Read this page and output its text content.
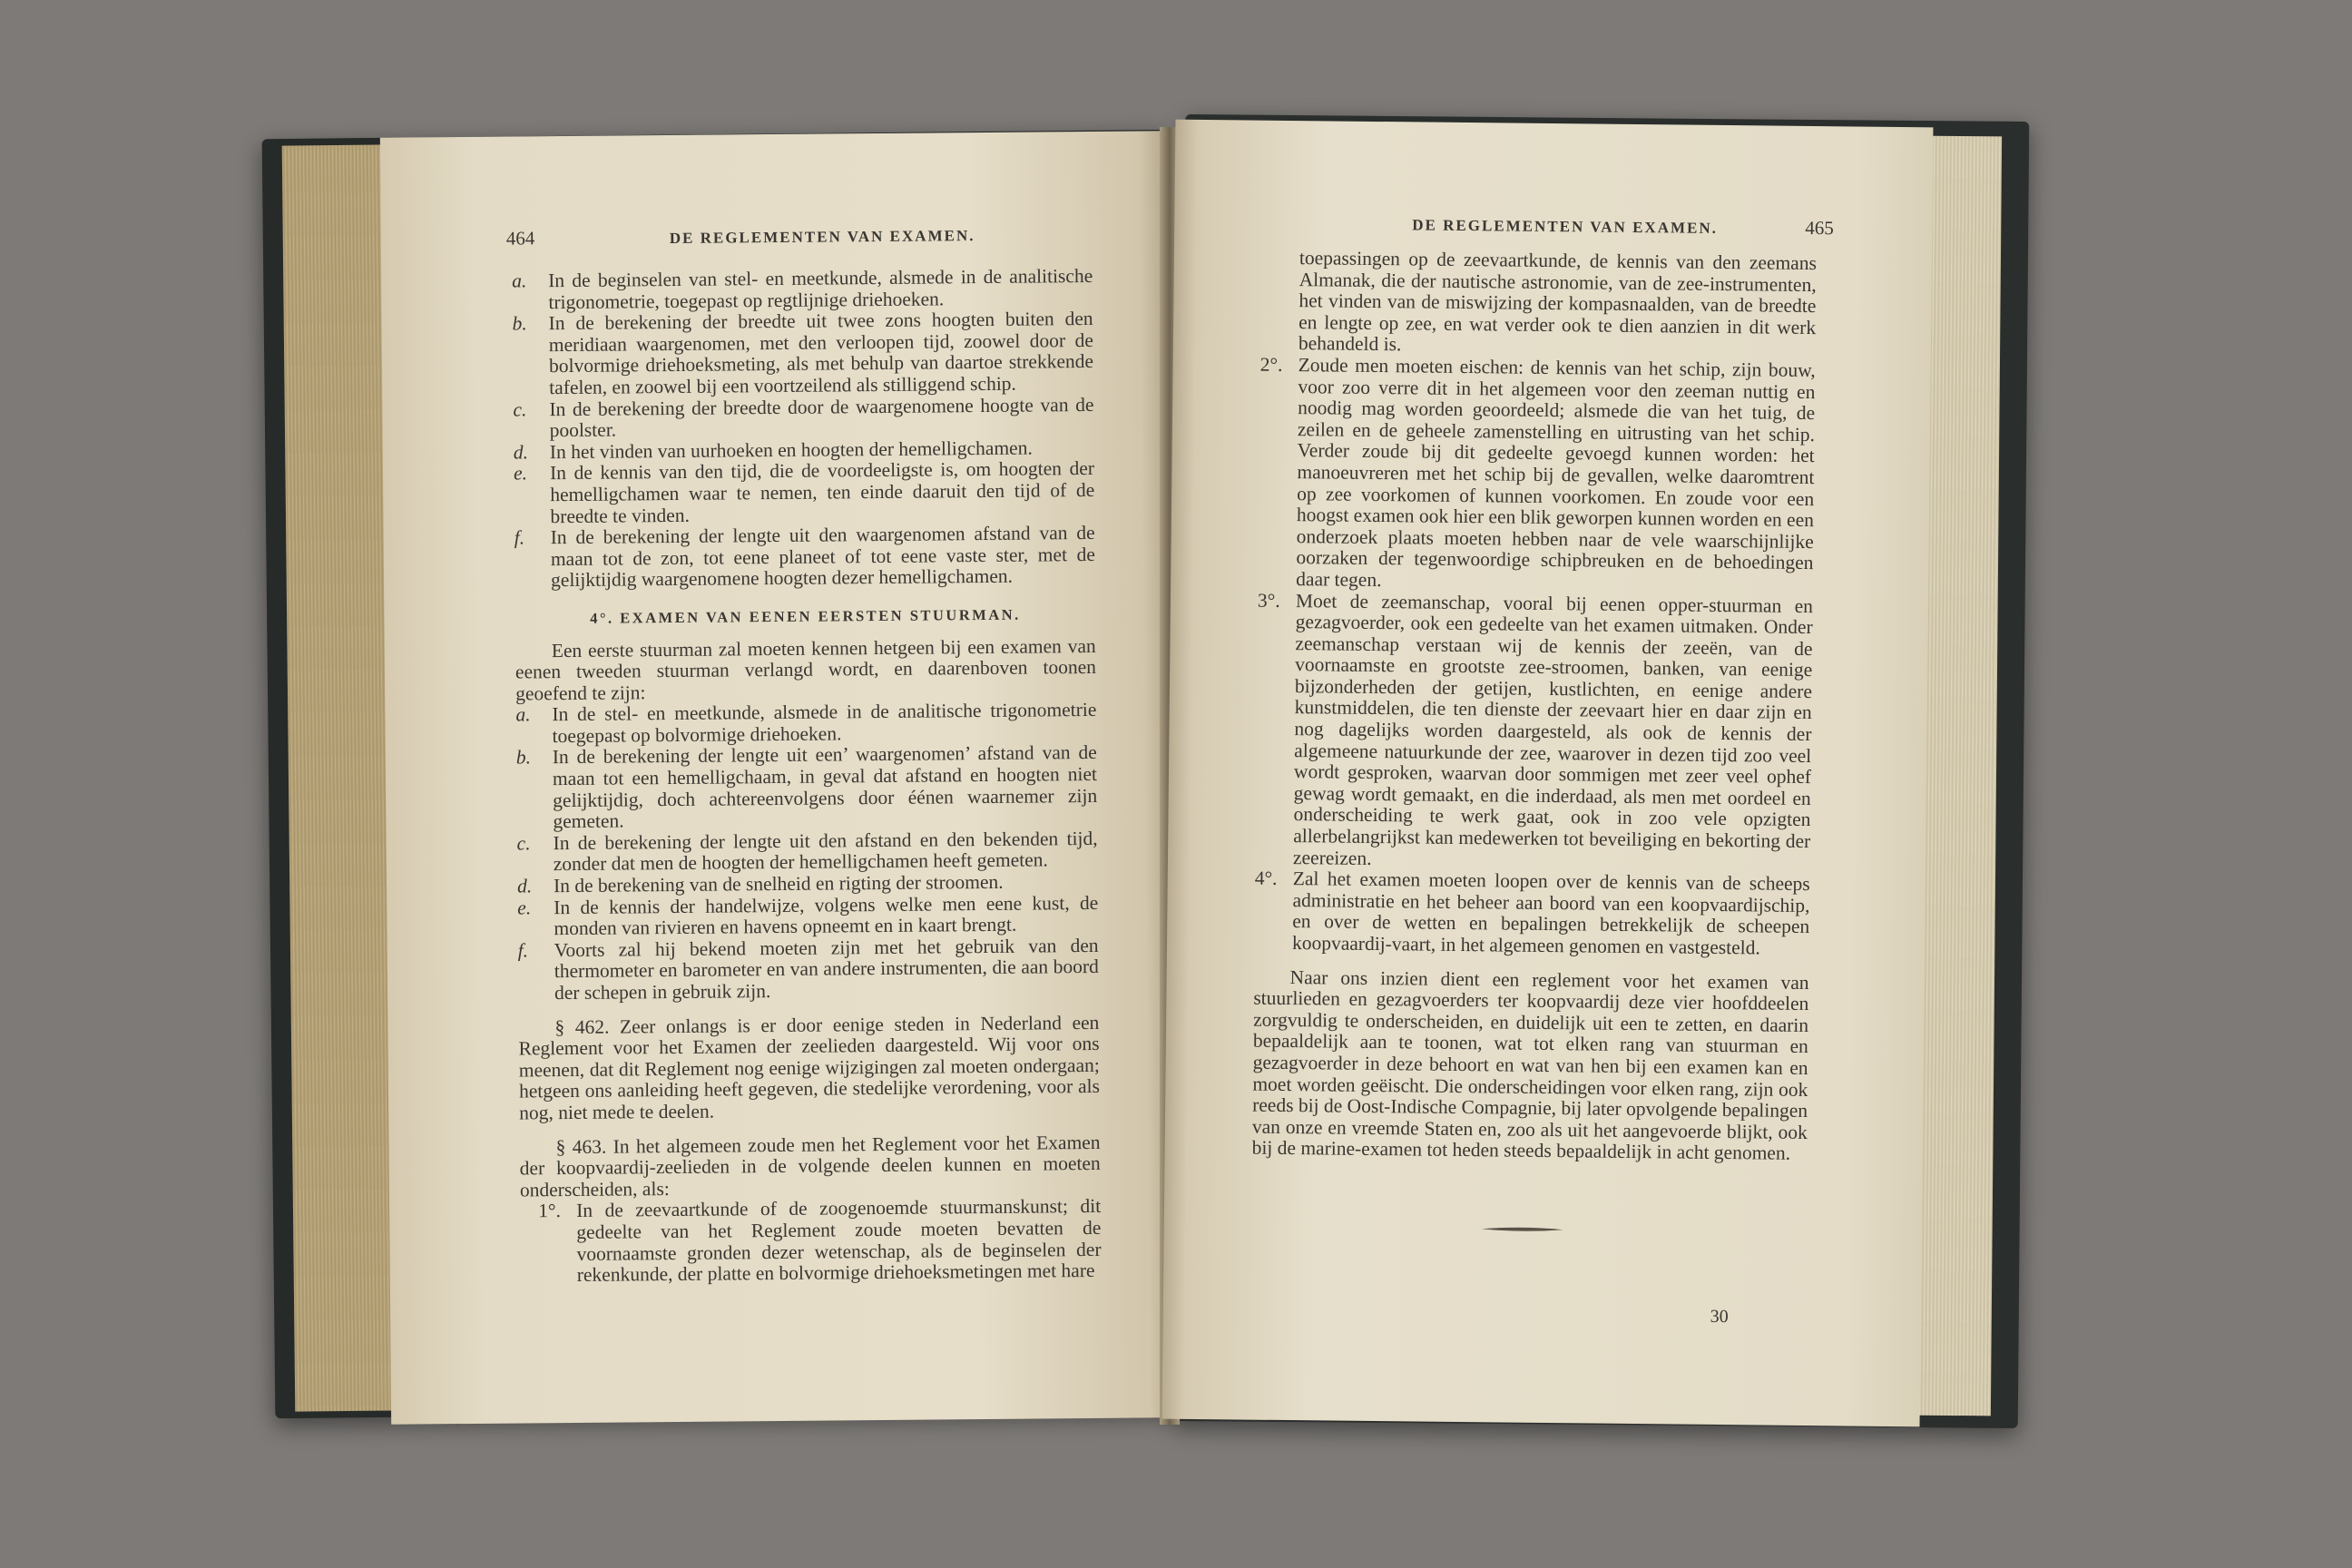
464	DE REGLEMENTEN VAN EXAMEN.
a. In de beginselen van stel- en meetkunde, alsmede in de analitische trigonometrie, toegepast op regtlijnige driehoeken.
b. In de berekening der breedte uit twee zons hoogten buiten den meridiaan waargenomen, met den verloopen tijd, zoowel door de bolvormige driehoeksmeting, als met behulp van daartoe strekkende tafelen, en zoowel bij een voortzeilend als stilliggend schip.
c. In de berekening der breedte door de waargenomene hoogte van de poolster.
d. In het vinden van uurhoeken en hoogten der hemelligchamen.
e. In de kennis van den tijd, die de voordeeligste is, om hoogten der hemelligchamen waar te nemen, ten einde daaruit den tijd of de breedte te vinden.
f. In de berekening der lengte uit den waargenomen afstand van de maan tot de zon, tot eene planeet of tot eene vaste ster, met de gelijktijdig waargenomene hoogten dezer hemelligchamen.
4°. EXAMEN VAN EENEN EERSTEN STUURMAN.

Een eerste stuurman zal moeten kennen hetgeen bij een examen van eenen tweeden stuurman verlangd wordt, en daarenboven toonen geoefend te zijn:

a. In de stel- en meetkunde, alsmede in de analitische trigonometrie toegepast op bolvormige driehoeken.
b. In de berekening der lengte uit een’ waargenomen’ afstand van de maan tot een hemelligchaam, in geval dat afstand en hoogten niet gelijktijdig, doch achtereenvolgens door éénen waarnemer zijn gemeten.
c. In de berekening der lengte uit den afstand en den bekenden tijd, zonder dat men de hoogten der hemelligchamen heeft gemeten.
d. In de berekening van de snelheid en rigting der stroomen.
e. In de kennis der handelwijze, volgens welke men eene kust, de monden van rivieren en havens opneemt en in kaart brengt.
f. Voorts zal hij bekend moeten zijn met het gebruik van den thermometer en barometer en van andere instrumenten, die aan boord der schepen in gebruik zijn.

§ 462. Zeer onlangs is er door eenige steden in Nederland een Reglement voor het Examen der zeelieden daargesteld. Wij voor ons meenen, dat dit Reglement nog eenige wijzigingen zal moeten ondergaan; hetgeen ons aanleiding heeft gegeven, die stedelijke verordening, voor als nog, niet mede te deelen.

§ 463. In het algemeen zoude men het Reglement voor het Examen der koopvaardij-zeelieden in de volgende deelen kunnen en moeten onderscheiden, als:

1°. In de zeevaartkunde of de zoogenoemde stuurmanskunst; dit gedeelte van het Reglement zoude moeten bevatten de voornaamste gronden dezer wetenschap, als de beginselen der rekenkunde, der platte en bolvormige driehoeksmetingen met hare
DE REGLEMENTEN VAN EXAMEN.	465

toepassingen op de zeevaartkunde, de kennis van den zeemans Almanak, die der nautische astronomie, van de zee-instrumenten, het vinden van de miswijzing der kompasnaalden, van de breedte en lengte op zee, en wat verder ook te dien aanzien in dit werk behandeld is.

2°. Zoude men moeten eischen: de kennis van het schip, zijn bouw, voor zoo verre dit in het algemeen voor den zeeman nuttig en noodig mag worden geoordeeld; alsmede die van het tuig, de zeilen en de geheele zamenstelling en uitrusting van het schip. Verder zoude bij dit gedeelte gevoegd kunnen worden: het manoeuvreren met het schip bij de gevallen, welke daaromtrent op zee voorkomen of kunnen voorkomen. En zoude voor een hoogst examen ook hier een blik geworpen kunnen worden en een onderzoek plaats moeten hebben naar de vele waarschijnlijke oorzaken der tegenwoordige schipbreuken en de behoedingen daar tegen.
3°. Moet de zeemanschap, vooral bij eenen opper-stuurman en gezagvoerder, ook een gedeelte van het examen uitmaken. Onder zeemanschap verstaan wij de kennis der zeeën, van de voornaamste en grootste zee-stroomen, banken, van eenige bijzonderheden der getijen, kustlichten, en eenige andere kunstmiddelen, die ten dienste der zeevaart hier en daar zijn en nog dagelijks worden daargesteld, als ook de kennis der algemeene natuurkunde der zee, waarover in dezen tijd zoo veel wordt gesproken, waarvan door sommigen met zeer veel ophef gewag wordt gemaakt, en die inderdaad, als men met oordeel en onderscheiding te werk gaat, ook in zoo vele opzigten allerbelangrijkst kan medewerken tot beveiliging en bekorting der zeereizen.
4°. Zal het examen moeten loopen over de kennis van de scheeps administratie en het beheer aan boord van een koopvaardijschip, en over de wetten en bepalingen betrekkelijk de scheepen koopvaardij-vaart, in het algemeen genomen en vastgesteld.

Naar ons inzien dient een reglement voor het examen van stuurlieden en gezagvoerders ter koopvaardij deze vier hoofddeelen zorgvuldig te onderscheiden, en duidelijk uit een te zetten, en daarin bepaaldelijk aan te toonen, wat tot elken rang van stuurman en gezagvoerder in deze behoort en wat van hen bij een examen kan en moet worden geëischt. Die onderscheidingen voor elken rang, zijn ook reeds bij de Oost-Indische Compagnie, bij later opvolgende bepalingen van onze en vreemde Staten en, zoo als uit het aangevoerde blijkt, ook bij de marine-examen tot heden steeds bepaaldelijk in acht genomen.

30
